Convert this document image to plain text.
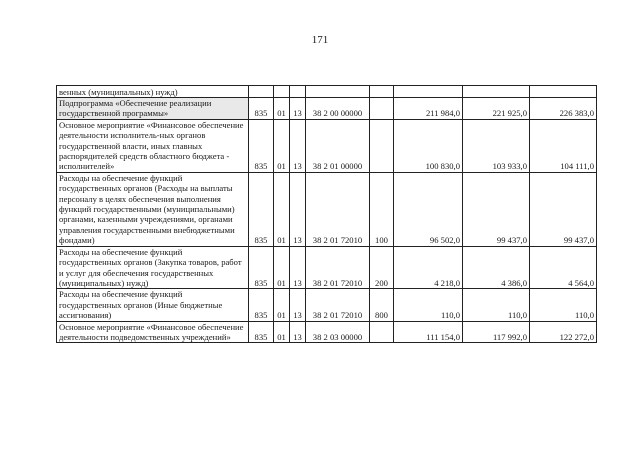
171
венных (муниципальных) нужд)								
Подпрограмма «Обеспечение реализации государственной программы»	835	01	13	38 2 00 00000		211 984,0	221 925,0	226 383,0
Основное мероприятие «Финансовое обеспечение деятельности исполнитель-ных органов государственной власти, иных главных распорядителей средств областного бюджета - исполнителей»	835	01	13	38 2 01 00000		100 830,0	103 933,0	104 111,0
Расходы на обеспечение функций государственных органов (Расходы на выплаты персоналу в целях обеспечения выполнения функций государственными (муниципальными) органами, казенными учреждениями, органами управления государственными внебюджетными фондами)	835	01	13	38 2 01 72010	100	96 502,0	99 437,0	99 437,0
Расходы на обеспечение функций государственных органов (Закупка товаров, работ и услуг для обеспечения государственных (муниципальных) нужд)	835	01	13	38 2 01 72010	200	4 218,0	4 386,0	4 564,0
Расходы на обеспечение функций государственных органов (Иные бюджетные ассигнования)	835	01	13	38 2 01 72010	800	110,0	110,0	110,0
Основное мероприятие «Финансовое обеспечение деятельности подведомственных учреждений»	835	01	13	38 2 03 00000		111 154,0	117 992,0	122 272,0
